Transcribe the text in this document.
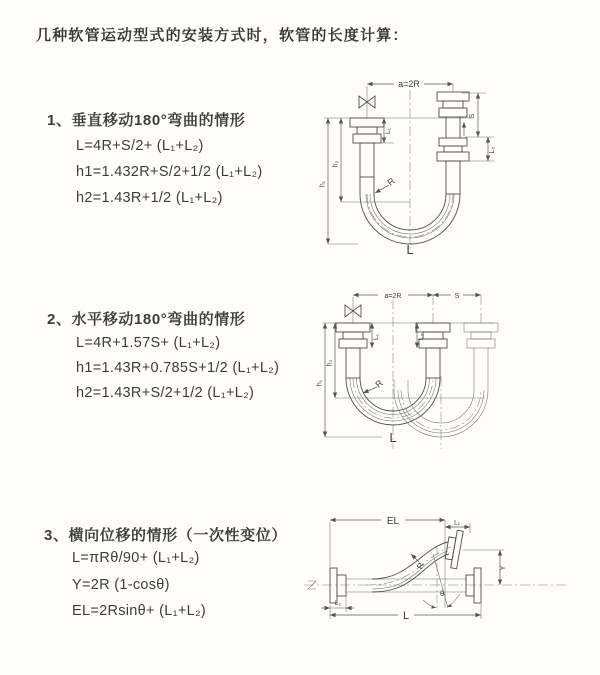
几种软管运动型式的安装方式时，软管的长度计算：
1、垂直移动180°弯曲的情形
L=4R+S/2+ (L₁+L₂)
h1=1.432R+S/2+1/2 (L₁+L₂)
h2=1.43R+1/2 (L₁+L₂)
2、水平移动180°弯曲的情形
L=4R+1.57S+ (L₁+L₂)
h1=1.43R+0.785S+1/2 (L₁+L₂)
h2=1.43R+S/2+1/2 (L₁+L₂)
3、横向位移的情形（一次性变位）
L=πRθ/90+ (L₁+L₂)
Y=2R (1-cosθ)
EL=2Rsinθ+ (L₁+L₂)
a=2R
h₁
h₂
L₁
S
L₂
R
L
a=2R	S
h₁
h₂
L₁	L₂
R
L
EL	L₁
Y
R
θ
L₂
L
